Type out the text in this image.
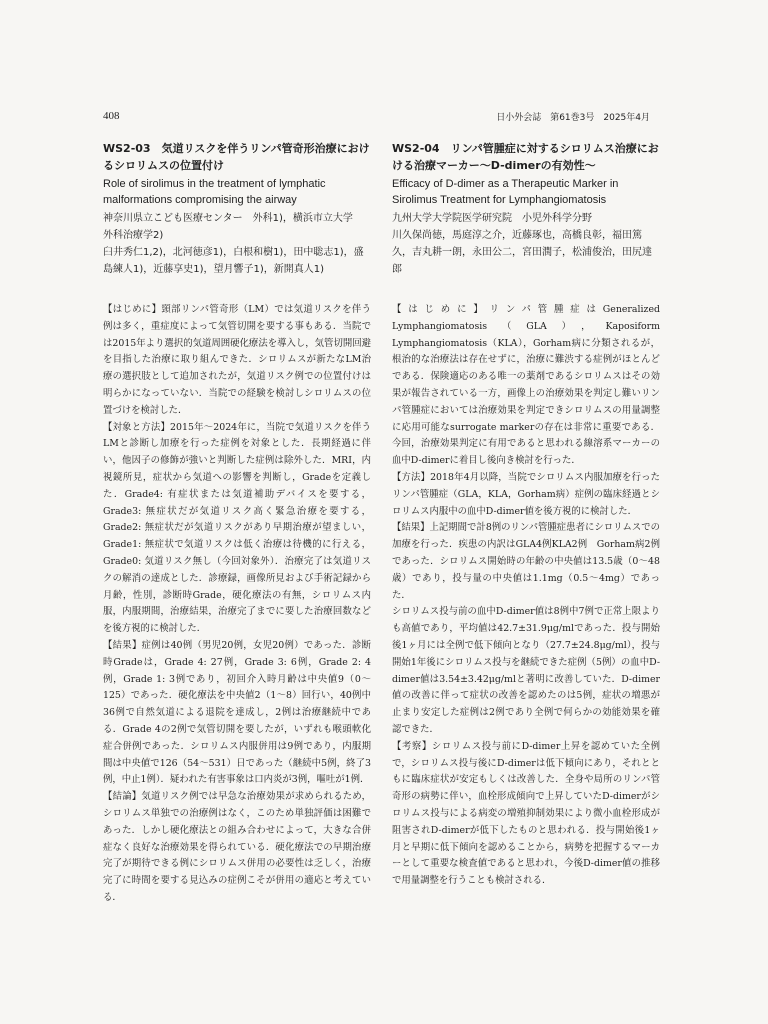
408	日小外会誌　第61巻3号　2025年4月
WS2-03　気道リスクを伴うリンパ管奇形治療におけるシロリムスの位置付け
Role of sirolimus in the treatment of lymphatic malformations compromising the airway
神奈川県立こども医療センター　外科1)，横浜市立大学　外科治療学2)
臼井秀仁1,2)，北河徳彦1)，白根和樹1)，田中聡志1)，盛島練人1)，近藤享史1)，望月響子1)，新開真人1)
WS2-04　リンパ管腫症に対するシロリムス治療における治療マーカー〜D-dimerの有効性〜
Efficacy of D-dimer as a Therapeutic Marker in Sirolimus Treatment for Lymphangiomatosis
九州大学大学院医学研究院　小児外科学分野
川久保尚徳，馬庭淳之介，近藤琢也，高橋良彰，福田篤久，吉丸耕一朗，永田公二，宮田潤子，松浦俊治，田尻達郎

【はじめに】頸部リンパ管奇形（LM）では気道リスクを伴う例は多く，重症度によって気管切開を要する事もある．当院では2015年より選択的気道周囲硬化療法を導入し，気管切開回避を目指した治療に取り組んできた．シロリムスが新たなLM治療の選択肢として追加されたが，気道リスク例での位置付けは明らかになっていない．当院での経験を検討しシロリムスの位置づけを検討した．

【対象と方法】2015年〜2024年に，当院で気道リスクを伴うLMと診断し加療を行った症例を対象とした．長期経過に伴い，他因子の修飾が強いと判断した症例は除外した．MRI，内視鏡所見，症状から気道への影響を判断し，Gradeを定義した．Grade4: 有症状または気道補助デバイスを要する，Grade3: 無症状だが気道リスク高く緊急治療を要する，Grade2: 無症状だが気道リスクがあり早期治療が望ましい，Grade1: 無症状で気道リスクは低く治療は待機的に行える，Grade0: 気道リスク無し（今回対象外）．治療完了は気道リスクの解消の達成とした．診療録，画像所見および手術記録から月齢，性別，診断時Grade，硬化療法の有無，シロリムス内服，内服期間，治療結果，治療完了までに要した治療回数などを後方視的に検討した．

【結果】症例は40例（男児20例，女児20例）であった．診断時Gradeは，Grade 4: 27例，Grade 3: 6例，Grade 2: 4例，Grade 1: 3例であり，初回介入時月齢は中央値9（0〜125）であった．硬化療法を中央値2（1〜8）回行い，40例中36例で自然気道による退院を達成し，2例は治療継続中である．Grade 4の2例で気管切開を要したが，いずれも喉頭軟化症合併例であった．シロリムス内服併用は9例であり，内服期間は中央値で126（54〜531）日であった（継続中5例，終了3例，中止1例）．疑われた有害事象は口内炎が3例，嘔吐が1例．

【結論】気道リスク例では早急な治療効果が求められるため，シロリムス単独での治療例はなく，このため単独評価は困難であった．しかし硬化療法との組み合わせによって，大きな合併症なく良好な治療効果を得られている．硬化療法での早期治療完了が期待できる例にシロリムス併用の必要性は乏しく，治療完了に時間を要する見込みの症例こそが併用の適応と考えている．

【はじめに】リンパ管腫症はGeneralized Lymphangiomatosis（GLA），Kaposiform Lymphangiomatosis（KLA），Gorham病に分類されるが，根治的な治療法は存在せずに，治療に難渋する症例がほとんどである．保険適応のある唯一の薬剤であるシロリムスはその効果が報告されている一方，画像上の治療効果を判定し難いリンパ管腫症においては治療効果を判定できシロリムスの用量調整に応用可能なsurrogate markerの存在は非常に重要である．今回，治療効果判定に有用であると思われる線溶系マーカーの血中D-dimerに着目し後向き検討を行った．

【方法】2018年4月以降，当院でシロリムス内服加療を行ったリンパ管腫症（GLA，KLA，Gorham病）症例の臨床経過とシロリムス内服中の血中D-dimer値を後方視的に検討した．

【結果】上記期間で計8例のリンパ管腫症患者にシロリムスでの加療を行った．疾患の内訳はGLA4例KLA2例　Gorham病2例であった．シロリムス開始時の年齢の中央値は13.5歳（0〜48歳）であり，投与量の中央値は1.1mg（0.5〜4mg）であった．

シロリムス投与前の血中D-dimer値は8例中7例で正常上限よりも高値であり，平均値は42.7±31.9μg/mlであった．投与開始後1ヶ月には全例で低下傾向となり（27.7±24.8μg/ml），投与開始1年後にシロリムス投与を継続できた症例（5例）の血中D-dimer値は3.54±3.42μg/mlと著明に改善していた．D-dimer値の改善に伴って症状の改善を認めたのは5例，症状の増悪が止まり安定した症例は2例であり全例で何らかの効能効果を確認できた．

【考察】シロリムス投与前にD-dimer上昇を認めていた全例で，シロリムス投与後にD-dimerは低下傾向にあり，それとともに臨床症状が安定もしくは改善した．全身や局所のリンパ管奇形の病勢に伴い，血栓形成傾向で上昇していたD-dimerがシロリムス投与による病変の増殖抑制効果により微小血栓形成が阻害されD-dimerが低下したものと思われる．投与開始後1ヶ月と早期に低下傾向を認めることから，病勢を把握するマーカーとして重要な検査値であると思われ，今後D-dimer値の推移で用量調整を行うことも検討される．
